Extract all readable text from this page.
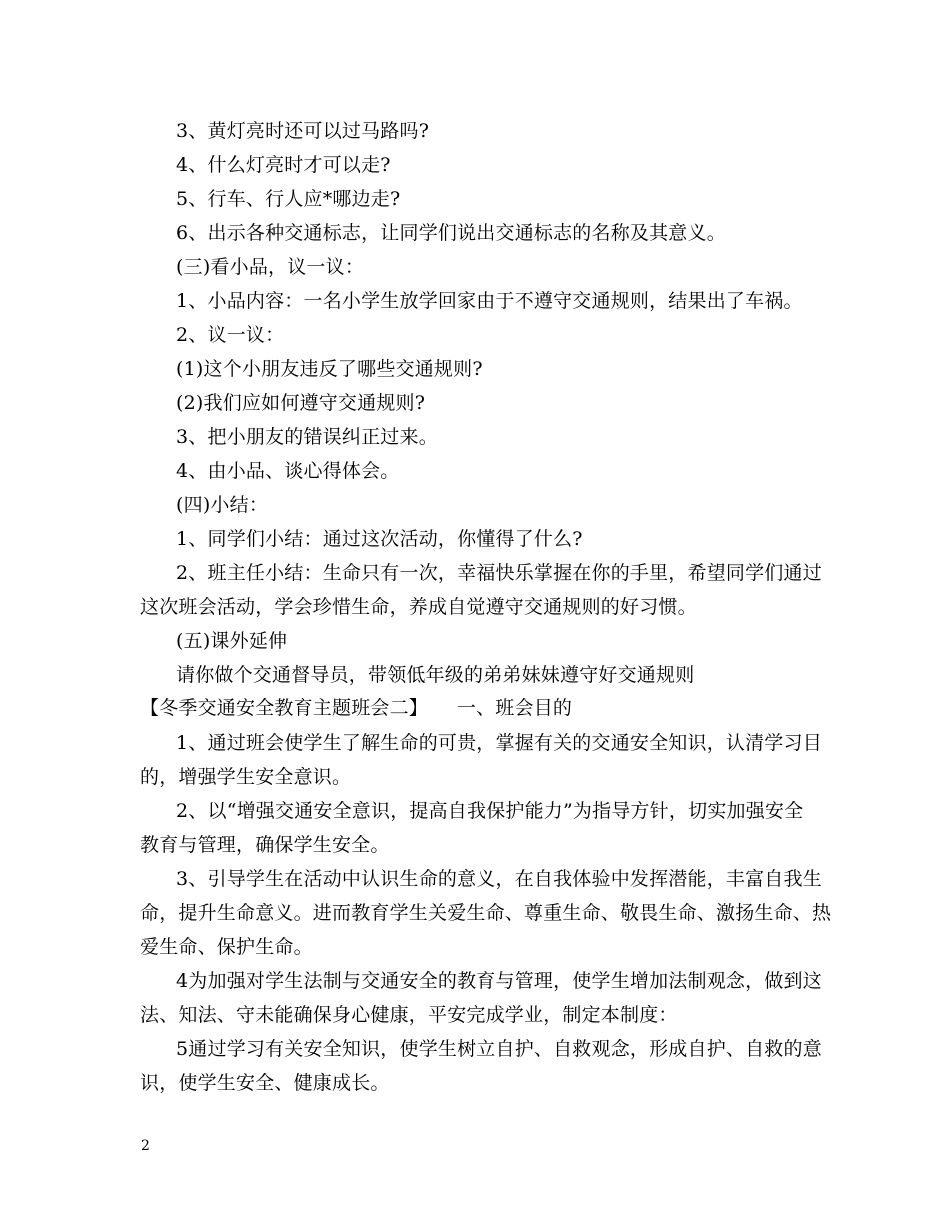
3、黄灯亮时还可以过马路吗?
4、什么灯亮时才可以走?
5、行车、行人应*哪边走?
6、出示各种交通标志，让同学们说出交通标志的名称及其意义。
(三)看小品，议一议：
1、小品内容：一名小学生放学回家由于不遵守交通规则，结果出了车祸。
2、议一议：
(1)这个小朋友违反了哪些交通规则?
(2)我们应如何遵守交通规则?
3、把小朋友的错误纠正过来。
4、由小品、谈心得体会。
(四)小结：
1、同学们小结：通过这次活动，你懂得了什么?
2、班主任小结：生命只有一次，幸福快乐掌握在你的手里，希望同学们通过
这次班会活动，学会珍惜生命，养成自觉遵守交通规则的好习惯。
(五)课外延伸
请你做个交通督导员，带领低年级的弟弟妹妹遵守好交通规则
【冬季交通安全教育主题班会二】　　一、班会目的
1、通过班会使学生了解生命的可贵，掌握有关的交通安全知识，认清学习目
的，增强学生安全意识。
2、以“增强交通安全意识，提高自我保护能力”为指导方针，切实加强安全
教育与管理，确保学生安全。
3、引导学生在活动中认识生命的意义，在自我体验中发挥潜能，丰富自我生
命，提升生命意义。进而教育学生关爱生命、尊重生命、敬畏生命、激扬生命、热
爱生命、保护生命。
4为加强对学生法制与交通安全的教育与管理，使学生增加法制观念，做到这
法、知法、守未能确保身心健康，平安完成学业，制定本制度：
5通过学习有关安全知识，使学生树立自护、自救观念，形成自护、自救的意
识，使学生安全、健康成长。
2
